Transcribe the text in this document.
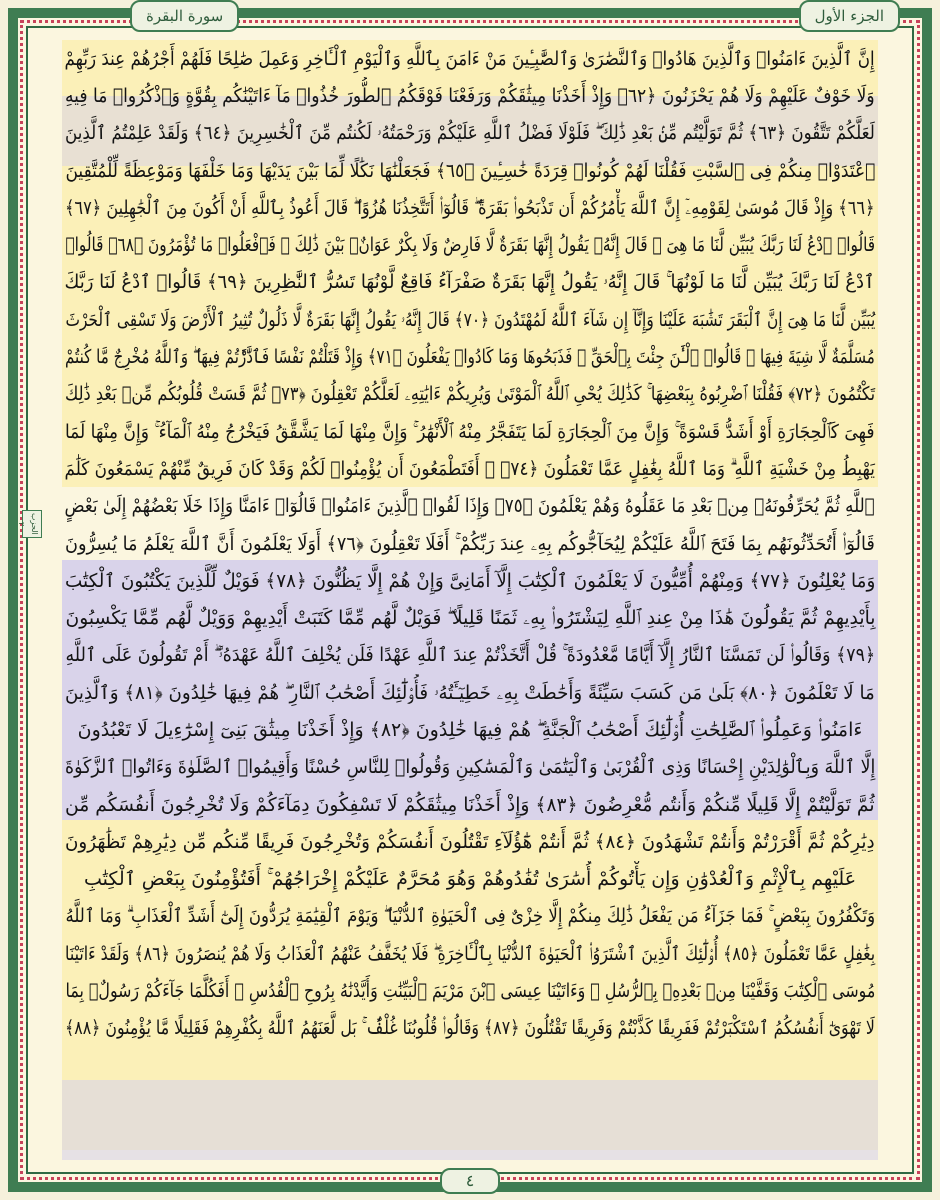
الجزء الأول
سورة البقرة
الحزب ٢
إِنَّ ٱلَّذِينَ ءَامَنُوا۟ وَٱلَّذِينَ هَادُوا۟ وَٱلنَّصَٰرَىٰ وَٱلصَّٰبِـِٔينَ مَنْ ءَامَنَ بِٱللَّهِ وَٱلْيَوْمِ ٱلْـَٔاخِرِ وَعَمِلَ صَٰلِحًا فَلَهُمْ أَجْرُهُمْ عِندَ رَبِّهِمْ
وَلَا خَوْفٌ عَلَيْهِمْ وَلَا هُمْ يَحْزَنُونَ ﴿٦٢﴾ وَإِذْ أَخَذْنَا مِيثَٰقَكُمْ وَرَفَعْنَا فَوْقَكُمُ ٱلطُّورَ خُذُوا۟ مَآ ءَاتَيْنَٰكُم بِقُوَّةٍ وَٱذْكُرُوا۟ مَا فِيهِ
لَعَلَّكُمْ تَتَّقُونَ ﴿٦٣﴾ ثُمَّ تَوَلَّيْتُم مِّنۢ بَعْدِ ذَٰلِكَ ۖ فَلَوْلَا فَضْلُ ٱللَّهِ عَلَيْكُمْ وَرَحْمَتُهُۥ لَكُنتُم مِّنَ ٱلْخَٰسِرِينَ ﴿٦٤﴾ وَلَقَدْ عَلِمْتُمُ ٱلَّذِينَ
ٱعْتَدَوْا۟ مِنكُمْ فِى ٱلسَّبْتِ فَقُلْنَا لَهُمْ كُونُوا۟ قِرَدَةً خَٰسِـِٔينَ ﴿٦٥﴾ فَجَعَلْنَٰهَا نَكَٰلًا لِّمَا بَيْنَ يَدَيْهَا وَمَا خَلْفَهَا وَمَوْعِظَةً لِّلْمُتَّقِينَ
﴿٦٦﴾ وَإِذْ قَالَ مُوسَىٰ لِقَوْمِهِۦٓ إِنَّ ٱللَّهَ يَأْمُرُكُمْ أَن تَذْبَحُوا۟ بَقَرَةً ۖ قَالُوٓا۟ أَتَتَّخِذُنَا هُزُوًا ۖ قَالَ أَعُوذُ بِٱللَّهِ أَنْ أَكُونَ مِنَ ٱلْجَٰهِلِينَ ﴿٦٧﴾
قَالُوا۟ ٱدْعُ لَنَا رَبَّكَ يُبَيِّن لَّنَا مَا هِىَ ۚ قَالَ إِنَّهُۥ يَقُولُ إِنَّهَا بَقَرَةٌ لَّا فَارِضٌ وَلَا بِكْرٌ عَوَانٌۢ بَيْنَ ذَٰلِكَ ۖ فَٱفْعَلُوا۟ مَا تُؤْمَرُونَ ﴿٦٨﴾ قَالُوا۟
ٱدْعُ لَنَا رَبَّكَ يُبَيِّن لَّنَا مَا لَوْنُهَا ۚ قَالَ إِنَّهُۥ يَقُولُ إِنَّهَا بَقَرَةٌ صَفْرَآءُ فَاقِعٌ لَّوْنُهَا تَسُرُّ ٱلنَّٰظِرِينَ ﴿٦٩﴾ قَالُوا۟ ٱدْعُ لَنَا رَبَّكَ
يُبَيِّن لَّنَا مَا هِىَ إِنَّ ٱلْبَقَرَ تَشَٰبَهَ عَلَيْنَا وَإِنَّآ إِن شَآءَ ٱللَّهُ لَمُهْتَدُونَ ﴿٧٠﴾ قَالَ إِنَّهُۥ يَقُولُ إِنَّهَا بَقَرَةٌ لَّا ذَلُولٌ تُثِيرُ ٱلْأَرْضَ وَلَا تَسْقِى ٱلْحَرْثَ
مُسَلَّمَةٌ لَّا شِيَةَ فِيهَا ۚ قَالُوا۟ ٱلْـَٰٔنَ جِئْتَ بِٱلْحَقِّ ۚ فَذَبَحُوهَا وَمَا كَادُوا۟ يَفْعَلُونَ ﴿٧١﴾ وَإِذْ قَتَلْتُمْ نَفْسًا فَٱدَّٰرَْٔتُمْ فِيهَا ۖ وَٱللَّهُ مُخْرِجٌ مَّا كُنتُمْ
تَكْتُمُونَ ﴿٧٢﴾ فَقُلْنَا ٱضْرِبُوهُ بِبَعْضِهَا ۚ كَذَٰلِكَ يُحْىِ ٱللَّهُ ٱلْمَوْتَىٰ وَيُرِيكُمْ ءَايَٰتِهِۦ لَعَلَّكُمْ تَعْقِلُونَ ﴿٧٣﴾ ثُمَّ قَسَتْ قُلُوبُكُم مِّنۢ بَعْدِ ذَٰلِكَ
فَهِىَ كَٱلْحِجَارَةِ أَوْ أَشَدُّ قَسْوَةً ۚ وَإِنَّ مِنَ ٱلْحِجَارَةِ لَمَا يَتَفَجَّرُ مِنْهُ ٱلْأَنْهَٰرُ ۚ وَإِنَّ مِنْهَا لَمَا يَشَّقَّقُ فَيَخْرُجُ مِنْهُ ٱلْمَآءُ ۚ وَإِنَّ مِنْهَا لَمَا
يَهْبِطُ مِنْ خَشْيَةِ ٱللَّهِ ۗ وَمَا ٱللَّهُ بِغَٰفِلٍ عَمَّا تَعْمَلُونَ ﴿٧٤﴾ ۞ أَفَتَطْمَعُونَ أَن يُؤْمِنُوا۟ لَكُمْ وَقَدْ كَانَ فَرِيقٌ مِّنْهُمْ يَسْمَعُونَ كَلَٰمَ
ٱللَّهِ ثُمَّ يُحَرِّفُونَهُۥ مِنۢ بَعْدِ مَا عَقَلُوهُ وَهُمْ يَعْلَمُونَ ﴿٧٥﴾ وَإِذَا لَقُوا۟ ٱلَّذِينَ ءَامَنُوا۟ قَالُوٓا۟ ءَامَنَّا وَإِذَا خَلَا بَعْضُهُمْ إِلَىٰ بَعْضٍ
قَالُوٓا۟ أَتُحَدِّثُونَهُم بِمَا فَتَحَ ٱللَّهُ عَلَيْكُمْ لِيُحَآجُّوكُم بِهِۦ عِندَ رَبِّكُمْ ۚ أَفَلَا تَعْقِلُونَ ﴿٧٦﴾ أَوَلَا يَعْلَمُونَ أَنَّ ٱللَّهَ يَعْلَمُ مَا يُسِرُّونَ
وَمَا يُعْلِنُونَ ﴿٧٧﴾ وَمِنْهُمْ أُمِّيُّونَ لَا يَعْلَمُونَ ٱلْكِتَٰبَ إِلَّآ أَمَانِىَّ وَإِنْ هُمْ إِلَّا يَظُنُّونَ ﴿٧٨﴾ فَوَيْلٌ لِّلَّذِينَ يَكْتُبُونَ ٱلْكِتَٰبَ
بِأَيْدِيهِمْ ثُمَّ يَقُولُونَ هَٰذَا مِنْ عِندِ ٱللَّهِ لِيَشْتَرُوا۟ بِهِۦ ثَمَنًا قَلِيلًا ۖ فَوَيْلٌ لَّهُم مِّمَّا كَتَبَتْ أَيْدِيهِمْ وَوَيْلٌ لَّهُم مِّمَّا يَكْسِبُونَ
﴿٧٩﴾ وَقَالُوا۟ لَن تَمَسَّنَا ٱلنَّارُ إِلَّآ أَيَّامًا مَّعْدُودَةً ۚ قُلْ أَتَّخَذْتُمْ عِندَ ٱللَّهِ عَهْدًا فَلَن يُخْلِفَ ٱللَّهُ عَهْدَهُۥٓ ۖ أَمْ تَقُولُونَ عَلَى ٱللَّهِ
مَا لَا تَعْلَمُونَ ﴿٨٠﴾ بَلَىٰ مَن كَسَبَ سَيِّئَةً وَأَحَٰطَتْ بِهِۦ خَطِيٓـَٔتُهُۥ فَأُو۟لَٰٓئِكَ أَصْحَٰبُ ٱلنَّارِ ۖ هُمْ فِيهَا خَٰلِدُونَ ﴿٨١﴾ وَٱلَّذِينَ
ءَامَنُوا۟ وَعَمِلُوا۟ ٱلصَّٰلِحَٰتِ أُو۟لَٰٓئِكَ أَصْحَٰبُ ٱلْجَنَّةِ ۖ هُمْ فِيهَا خَٰلِدُونَ ﴿٨٢﴾ وَإِذْ أَخَذْنَا مِيثَٰقَ بَنِىٓ إِسْرَٰٓءِيلَ لَا تَعْبُدُونَ
إِلَّا ٱللَّهَ وَبِٱلْوَٰلِدَيْنِ إِحْسَانًا وَذِى ٱلْقُرْبَىٰ وَٱلْيَتَٰمَىٰ وَٱلْمَسَٰكِينِ وَقُولُوا۟ لِلنَّاسِ حُسْنًا وَأَقِيمُوا۟ ٱلصَّلَوٰةَ وَءَاتُوا۟ ٱلزَّكَوٰةَ
ثُمَّ تَوَلَّيْتُمْ إِلَّا قَلِيلًا مِّنكُمْ وَأَنتُم مُّعْرِضُونَ ﴿٨٣﴾ وَإِذْ أَخَذْنَا مِيثَٰقَكُمْ لَا تَسْفِكُونَ دِمَآءَكُمْ وَلَا تُخْرِجُونَ أَنفُسَكُم مِّن
دِيَٰرِكُمْ ثُمَّ أَقْرَرْتُمْ وَأَنتُمْ تَشْهَدُونَ ﴿٨٤﴾ ثُمَّ أَنتُمْ هَٰٓؤُلَآءِ تَقْتُلُونَ أَنفُسَكُمْ وَتُخْرِجُونَ فَرِيقًا مِّنكُم مِّن دِيَٰرِهِمْ تَظَٰهَرُونَ
عَلَيْهِم بِٱلْإِثْمِ وَٱلْعُدْوَٰنِ وَإِن يَأْتُوكُمْ أُسَٰرَىٰ تُفَٰدُوهُمْ وَهُوَ مُحَرَّمٌ عَلَيْكُمْ إِخْرَاجُهُمْ ۚ أَفَتُؤْمِنُونَ بِبَعْضِ ٱلْكِتَٰبِ
وَتَكْفُرُونَ بِبَعْضٍ ۚ فَمَا جَزَآءُ مَن يَفْعَلُ ذَٰلِكَ مِنكُمْ إِلَّا خِزْىٌ فِى ٱلْحَيَوٰةِ ٱلدُّنْيَا ۖ وَيَوْمَ ٱلْقِيَٰمَةِ يُرَدُّونَ إِلَىٰٓ أَشَدِّ ٱلْعَذَابِ ۗ وَمَا ٱللَّهُ
بِغَٰفِلٍ عَمَّا تَعْمَلُونَ ﴿٨٥﴾ أُو۟لَٰٓئِكَ ٱلَّذِينَ ٱشْتَرَوُا۟ ٱلْحَيَوٰةَ ٱلدُّنْيَا بِٱلْـَٔاخِرَةِ ۖ فَلَا يُخَفَّفُ عَنْهُمُ ٱلْعَذَابُ وَلَا هُمْ يُنصَرُونَ ﴿٨٦﴾ وَلَقَدْ ءَاتَيْنَا
مُوسَى ٱلْكِتَٰبَ وَقَفَّيْنَا مِنۢ بَعْدِهِۦ بِٱلرُّسُلِ ۖ وَءَاتَيْنَا عِيسَى ٱبْنَ مَرْيَمَ ٱلْبَيِّنَٰتِ وَأَيَّدْنَٰهُ بِرُوحِ ٱلْقُدُسِ ۗ أَفَكُلَّمَا جَآءَكُمْ رَسُولٌۢ بِمَا
لَا تَهْوَىٰٓ أَنفُسُكُمُ ٱسْتَكْبَرْتُمْ فَفَرِيقًا كَذَّبْتُمْ وَفَرِيقًا تَقْتُلُونَ ﴿٨٧﴾ وَقَالُوا۟ قُلُوبُنَا غُلْفٌۢ ۚ بَل لَّعَنَهُمُ ٱللَّهُ بِكُفْرِهِمْ فَقَلِيلًا مَّا يُؤْمِنُونَ ﴿٨٨﴾
٤
